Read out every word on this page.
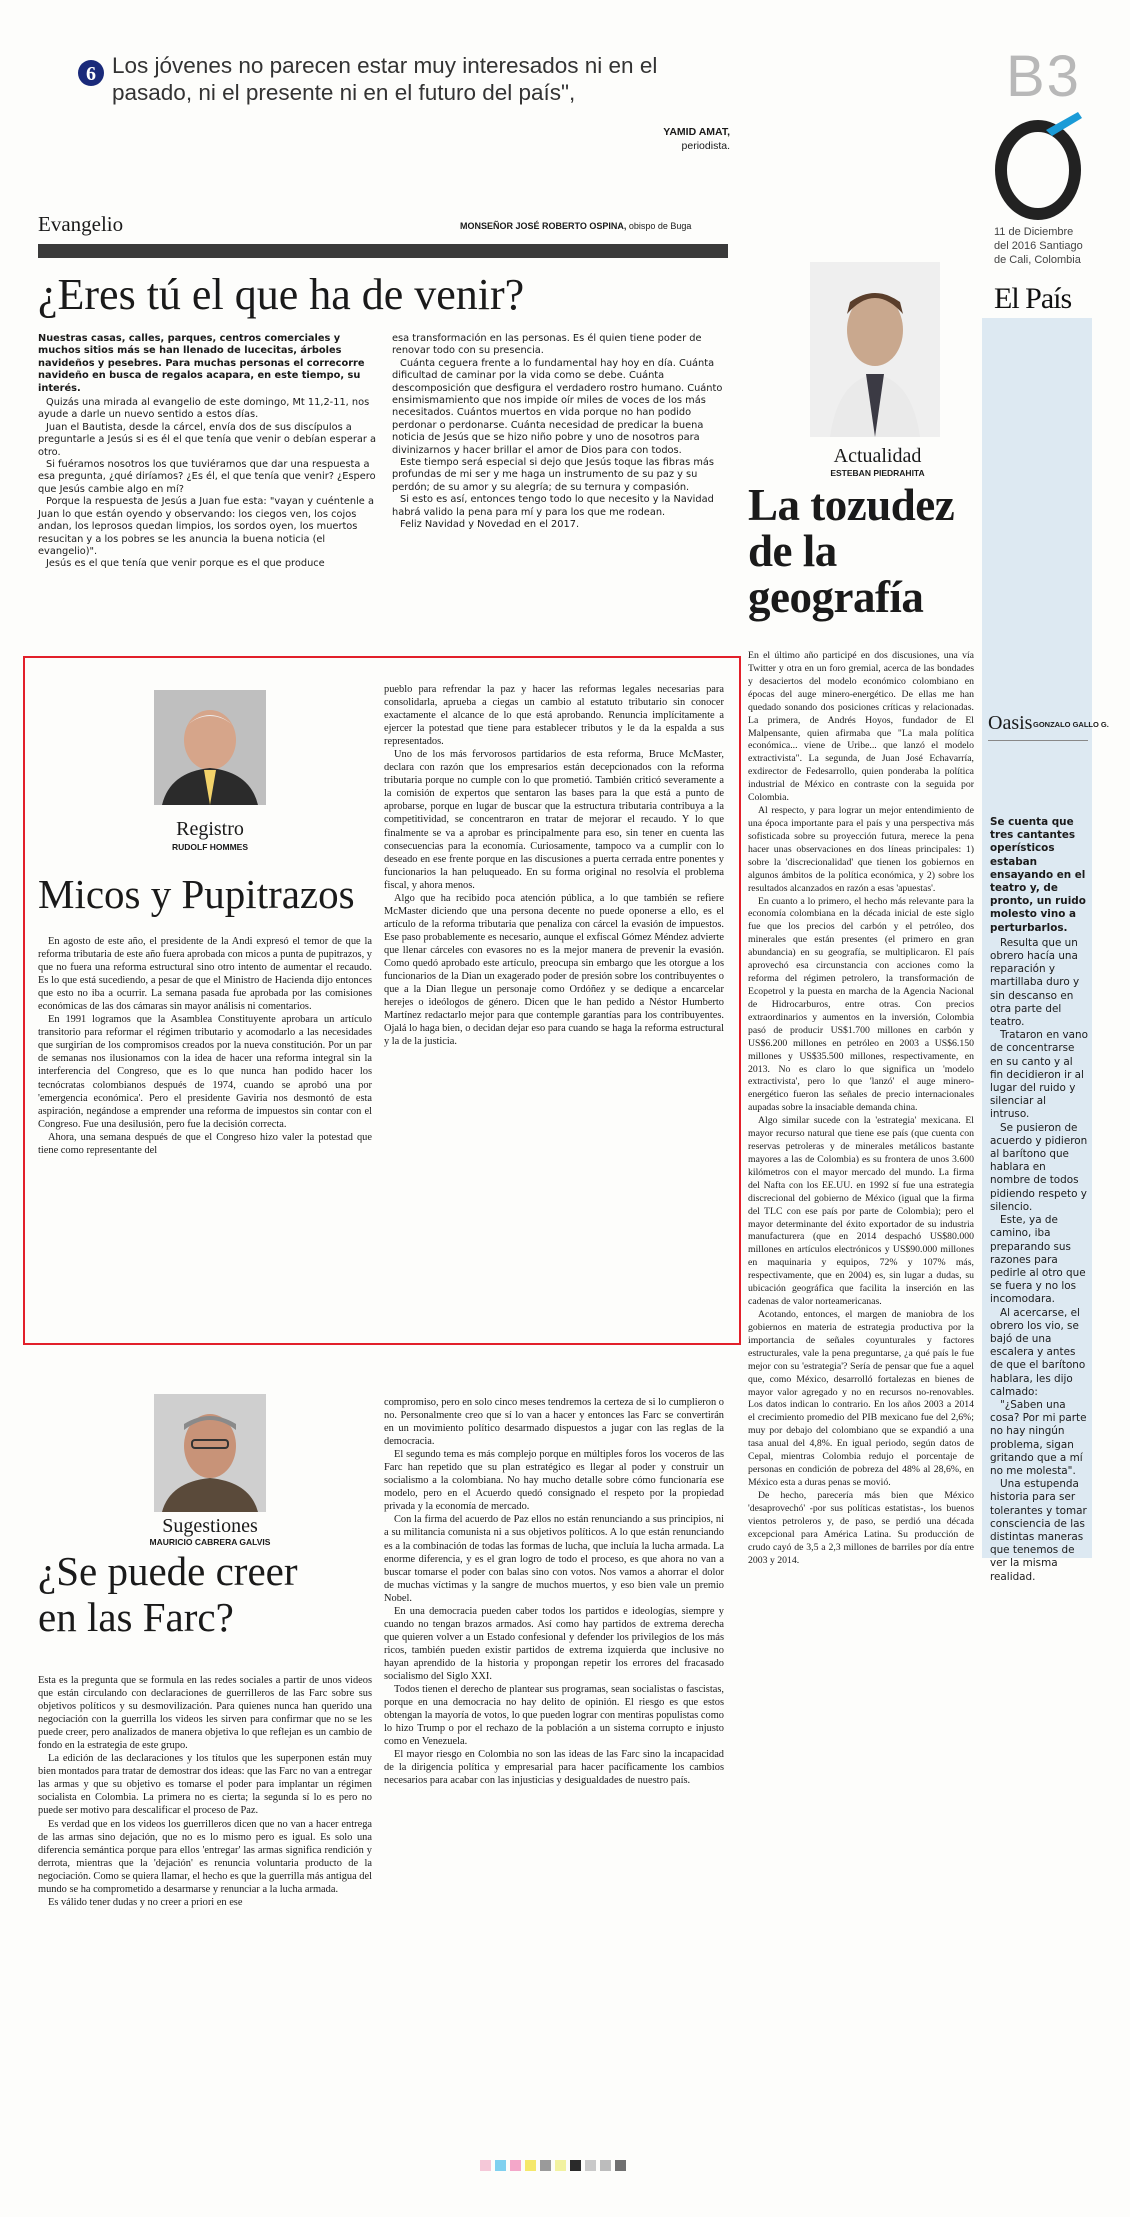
6 Los jóvenes no parecen estar muy interesados ni en el pasado, ni el presente ni en el futuro del país",
YAMID AMAT,
periodista.
B3
11 de Diciembre
del 2016 Santiago
de Cali, Colombia
El País
Evangelio	MONSEÑOR JOSÉ ROBERTO OSPINA, obispo de Buga
¿Eres tú el que ha de venir?

Nuestras casas, calles, parques, centros comerciales y muchos sitios más se han llenado de lucecitas, árboles navideños y pesebres. Para muchas personas el correcorre navideño en busca de regalos acapara, en este tiempo, su interés.

Quizás una mirada al evangelio de este domingo, Mt 11,2-11, nos ayude a darle un nuevo sentido a estos días.

Juan el Bautista, desde la cárcel, envía dos de sus discípulos a preguntarle a Jesús si es él el que tenía que venir o debían esperar a otro.

Si fuéramos nosotros los que tuviéramos que dar una respuesta a esa pregunta, ¿qué diríamos? ¿Es él, el que tenía que venir? ¿Espero que Jesús cambie algo en mí?

Porque la respuesta de Jesús a Juan fue esta: "vayan y cuéntenle a Juan lo que están oyendo y observando: los ciegos ven, los cojos andan, los leprosos quedan limpios, los sordos oyen, los muertos resucitan y a los pobres se les anuncia la buena noticia (el evangelio)".

Jesús es el que tenía que venir porque es el que produce

esa transformación en las personas. Es él quien tiene poder de renovar todo con su presencia.

Cuánta ceguera frente a lo fundamental hay hoy en día. Cuánta dificultad de caminar por la vida como se debe. Cuánta descomposición que desfigura el verdadero rostro humano. Cuánto ensimismamiento que nos impide oír miles de voces de los más necesitados. Cuántos muertos en vida porque no han podido perdonar o perdonarse. Cuánta necesidad de predicar la buena noticia de Jesús que se hizo niño pobre y uno de nosotros para divinizarnos y hacer brillar el amor de Dios para con todos.

Este tiempo será especial si dejo que Jesús toque las fibras más profundas de mi ser y me haga un instrumento de su paz y su perdón; de su amor y su alegría; de su ternura y compasión.

Si esto es así, entonces tengo todo lo que necesito y la Navidad habrá valido la pena para mí y para los que me rodean.

Feliz Navidad y Novedad en el 2017.

Actualidad
ESTEBAN PIEDRAHITA
La tozudez de la geografía

En el último año participé en dos discusiones, una vía Twitter y otra en un foro gremial, acerca de las bondades y desaciertos del modelo económico colombiano en épocas del auge minero-energético. De ellas me han quedado sonando dos posiciones críticas y relacionadas. La primera, de Andrés Hoyos, fundador de El Malpensante, quien afirmaba que "La mala política económica... viene de Uribe... que lanzó el modelo extractivista". La segunda, de Juan José Echavarría, exdirector de Fedesarrollo, quien ponderaba la política industrial de México en contraste con la seguida por Colombia.

Al respecto, y para lograr un mejor entendimiento de una época importante para el país y una perspectiva más sofisticada sobre su proyección futura, merece la pena hacer unas observaciones en dos líneas principales: 1) sobre la 'discrecionalidad' que tienen los gobiernos en algunos ámbitos de la política económica, y 2) sobre los resultados alcanzados en razón a esas 'apuestas'.

En cuanto a lo primero, el hecho más relevante para la economía colombiana en la década inicial de este siglo fue que los precios del carbón y el petróleo, dos minerales que están presentes (el primero en gran abundancia) en su geografía, se multiplicaron. El país aprovechó esa circunstancia con acciones como la reforma del régimen petrolero, la transformación de Ecopetrol y la puesta en marcha de la Agencia Nacional de Hidrocarburos, entre otras. Con precios extraordinarios y aumentos en la inversión, Colombia pasó de producir US$1.700 millones en carbón y US$6.200 millones en petróleo en 2003 a US$6.150 millones y US$35.500 millones, respectivamente, en 2013. No es claro lo que significa un 'modelo extractivista', pero lo que 'lanzó' el auge minero-energético fueron las señales de precio internacionales aupadas sobre la insaciable demanda china.

Algo similar sucede con la 'estrategia' mexicana. El mayor recurso natural que tiene ese país (que cuenta con reservas petroleras y de minerales metálicos bastante mayores a las de Colombia) es su frontera de unos 3.600 kilómetros con el mayor mercado del mundo. La firma del Nafta con los EE.UU. en 1992 sí fue una estrategia discrecional del gobierno de México (igual que la firma del TLC con ese país por parte de Colombia); pero el mayor determinante del éxito exportador de su industria manufacturera (que en 2014 despachó US$80.000 millones en artículos electrónicos y US$90.000 millones en maquinaria y equipos, 72% y 107% más, respectivamente, que en 2004) es, sin lugar a dudas, su ubicación geográfica que facilita la inserción en las cadenas de valor norteamericanas.

Acotando, entonces, el margen de maniobra de los gobiernos en materia de estrategia productiva por la importancia de señales coyunturales y factores estructurales, vale la pena preguntarse, ¿a qué país le fue mejor con su 'estrategia'? Sería de pensar que fue a aquel que, como México, desarrolló fortalezas en bienes de mayor valor agregado y no en recursos no-renovables. Los datos indican lo contrario. En los años 2003 a 2014 el crecimiento promedio del PIB mexicano fue del 2,6%; muy por debajo del colombiano que se expandió a una tasa anual del 4,8%. En igual periodo, según datos de Cepal, mientras Colombia redujo el porcentaje de personas en condición de pobreza del 48% al 28,6%, en México esta a duras penas se movió.

De hecho, parecería más bien que México 'desaprovechó' -por sus políticas estatistas-, los buenos vientos petroleros y, de paso, se perdió una década excepcional para América Latina. Su producción de crudo cayó de 3,5 a 2,3 millones de barriles por día entre 2003 y 2014.

Oasis GONZALO GALLO G.

Se cuenta que tres cantantes operísticos estaban ensayando en el teatro y, de pronto, un ruido molesto vino a perturbarlos.

Resulta que un obrero hacía una reparación y martillaba duro y sin descanso en otra parte del teatro.

Trataron en vano de concentrarse en su canto y al fin decidieron ir al lugar del ruido y silenciar al intruso.

Se pusieron de acuerdo y pidieron al barítono que hablara en nombre de todos pidiendo respeto y silencio.

Este, ya de camino, iba preparando sus razones para pedirle al otro que se fuera y no los incomodara.

Al acercarse, el obrero los vio, se bajó de una escalera y antes de que el barítono hablara, les dijo calmado:

"¿Saben una cosa? Por mi parte no hay ningún problema, sigan gritando que a mí no me molesta".

Una estupenda historia para ser tolerantes y tomar consciencia de las distintas maneras que tenemos de ver la misma realidad.

Registro
RUDOLF HOMMES
Micos y Pupitrazos

En agosto de este año, el presidente de la Andi expresó el temor de que la reforma tributaria de este año fuera aprobada con micos a punta de pupitrazos, y que no fuera una reforma estructural sino otro intento de aumentar el recaudo. Es lo que está sucediendo, a pesar de que el Ministro de Hacienda dijo entonces que esto no iba a ocurrir. La semana pasada fue aprobada por las comisiones económicas de las dos cámaras sin mayor análisis ni comentarios.

En 1991 logramos que la Asamblea Constituyente aprobara un artículo transitorio para reformar el régimen tributario y acomodarlo a las necesidades que surgirían de los compromisos creados por la nueva constitución. Por un par de semanas nos ilusionamos con la idea de hacer una reforma integral sin la interferencia del Congreso, que es lo que nunca han podido hacer los tecnócratas colombianos después de 1974, cuando se aprobó una por 'emergencia económica'. Pero el presidente Gaviria nos desmontó de esta aspiración, negándose a emprender una reforma de impuestos sin contar con el Congreso. Fue una desilusión, pero fue la decisión correcta.

Ahora, una semana después de que el Congreso hizo valer la potestad que tiene como representante del

pueblo para refrendar la paz y hacer las reformas legales necesarias para consolidarla, aprueba a ciegas un cambio al estatuto tributario sin conocer exactamente el alcance de lo que está aprobando. Renuncia implícitamente a ejercer la potestad que tiene para establecer tributos y le da la espalda a sus representados.

Uno de los más fervorosos partidarios de esta reforma, Bruce McMaster, declara con razón que los empresarios están decepcionados con la reforma tributaria porque no cumple con lo que prometió. También criticó severamente a la comisión de expertos que sentaron las bases para la que está a punto de aprobarse, porque en lugar de buscar que la estructura tributaria contribuya a la competitividad, se concentraron en tratar de mejorar el recaudo. Y lo que finalmente se va a aprobar es principalmente para eso, sin tener en cuenta las consecuencias para la economía. Curiosamente, tampoco va a cumplir con lo deseado en ese frente porque en las discusiones a puerta cerrada entre ponentes y funcionarios la han peluqueado. En su forma original no resolvía el problema fiscal, y ahora menos.

Algo que ha recibido poca atención pública, a lo que también se refiere McMaster diciendo que una persona decente no puede oponerse a ello, es el artículo de la reforma tributaria que penaliza con cárcel la evasión de impuestos. Ese paso probablemente es necesario, aunque el exfiscal Gómez Méndez advierte que llenar cárceles con evasores no es la mejor manera de prevenir la evasión. Como quedó aprobado este artículo, preocupa sin embargo que les otorgue a los funcionarios de la Dian un exagerado poder de presión sobre los contribuyentes o que a la Dian llegue un personaje como Ordóñez y se dedique a encarcelar herejes o ideólogos de género. Dicen que le han pedido a Néstor Humberto Martínez redactarlo mejor para que contemple garantías para los contribuyentes. Ojalá lo haga bien, o decidan dejar eso para cuando se haga la reforma estructural y la de la justicia.

Sugestiones
MAURICIO CABRERA GALVIS
¿Se puede creer
en las Farc?

Esta es la pregunta que se formula en las redes sociales a partir de unos videos que están circulando con declaraciones de guerrilleros de las Farc sobre sus objetivos políticos y su desmovilización. Para quienes nunca han querido una negociación con la guerrilla los videos les sirven para confirmar que no se les puede creer, pero analizados de manera objetiva lo que reflejan es un cambio de fondo en la estrategia de este grupo.

La edición de las declaraciones y los títulos que les superponen están muy bien montados para tratar de demostrar dos ideas: que las Farc no van a entregar las armas y que su objetivo es tomarse el poder para implantar un régimen socialista en Colombia. La primera no es cierta; la segunda sí lo es pero no puede ser motivo para descalificar el proceso de Paz.

Es verdad que en los videos los guerrilleros dicen que no van a hacer entrega de las armas sino dejación, que no es lo mismo pero es igual. Es solo una diferencia semántica porque para ellos 'entregar' las armas significa rendición y derrota, mientras que la 'dejación' es renuncia voluntaria producto de la negociación. Como se quiera llamar, el hecho es que la guerrilla más antigua del mundo se ha comprometido a desarmarse y renunciar a la lucha armada.

Es válido tener dudas y no creer a priori en ese

compromiso, pero en solo cinco meses tendremos la certeza de si lo cumplieron o no. Personalmente creo que sí lo van a hacer y entonces las Farc se convertirán en un movimiento político desarmado dispuestos a jugar con las reglas de la democracia.

El segundo tema es más complejo porque en múltiples foros los voceros de las Farc han repetido que su plan estratégico es llegar al poder y construir un socialismo a la colombiana. No hay mucho detalle sobre cómo funcionaría ese modelo, pero en el Acuerdo quedó consignado el respeto por la propiedad privada y la economía de mercado.

Con la firma del acuerdo de Paz ellos no están renunciando a sus principios, ni a su militancia comunista ni a sus objetivos políticos. A lo que están renunciando es a la combinación de todas las formas de lucha, que incluía la lucha armada. La enorme diferencia, y es el gran logro de todo el proceso, es que ahora no van a buscar tomarse el poder con balas sino con votos. Nos vamos a ahorrar el dolor de muchas víctimas y la sangre de muchos muertos, y eso bien vale un premio Nobel.

En una democracia pueden caber todos los partidos e ideologías, siempre y cuando no tengan brazos armados. Así como hay partidos de extrema derecha que quieren volver a un Estado confesional y defender los privilegios de los más ricos, también pueden existir partidos de extrema izquierda que inclusive no hayan aprendido de la historia y propongan repetir los errores del fracasado socialismo del Siglo XXI.

Todos tienen el derecho de plantear sus programas, sean socialistas o fascistas, porque en una democracia no hay delito de opinión. El riesgo es que estos obtengan la mayoría de votos, lo que pueden lograr con mentiras populistas como lo hizo Trump o por el rechazo de la población a un sistema corrupto e injusto como en Venezuela.

El mayor riesgo en Colombia no son las ideas de las Farc sino la incapacidad de la dirigencia política y empresarial para hacer pacíficamente los cambios necesarios para acabar con las injusticias y desigualdades de nuestro país.
